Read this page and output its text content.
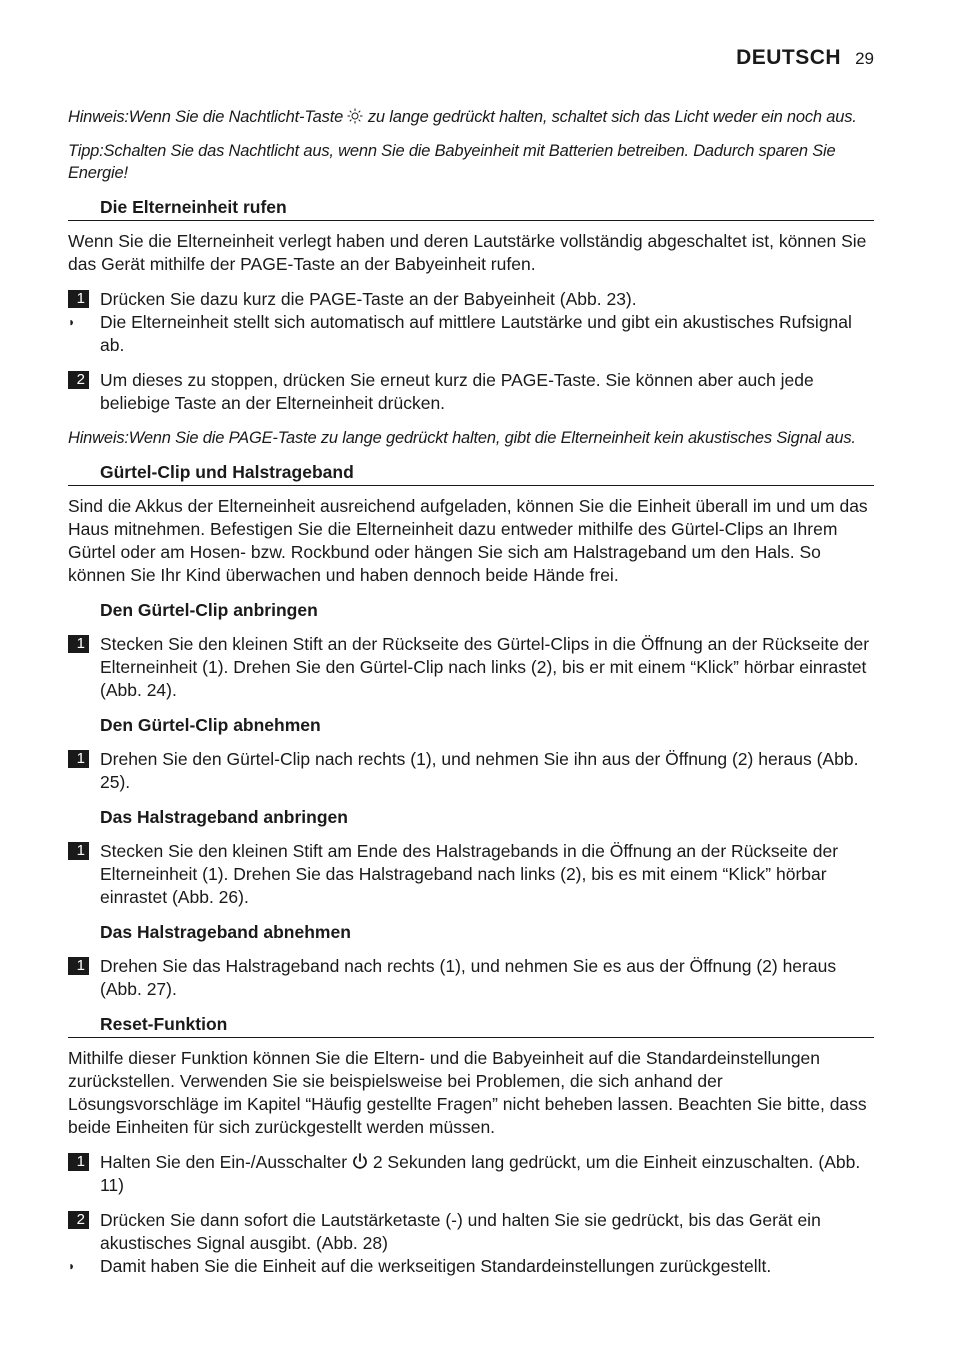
DEUTSCH 29

Hinweis:Wenn Sie die Nachtlicht-Taste  zu lange gedrückt halten, schaltet sich das Licht weder ein noch aus.

Tipp:Schalten Sie das Nachtlicht aus, wenn Sie die Babyeinheit mit Batterien betreiben. Dadurch sparen Sie Energie!

Die Elterneinheit rufen

Wenn Sie die Elterneinheit verlegt haben und deren Lautstärke vollständig abgeschaltet ist, können Sie das Gerät mithilfe der PAGE-Taste an der Babyeinheit rufen.

1 Drücken Sie dazu kurz die PAGE-Taste an der Babyeinheit (Abb. 23).
◗	Die Elterneinheit stellt sich automatisch auf mittlere Lautstärke und gibt ein akustisches Rufsignal ab.
2 Um dieses zu stoppen, drücken Sie erneut kurz die PAGE-Taste. Sie können aber auch jede beliebige Taste an der Elterneinheit drücken.

Hinweis:Wenn Sie die PAGE-Taste zu lange gedrückt halten, gibt die Elterneinheit kein akustisches Signal aus.

Gürtel-Clip und Halstrageband

Sind die Akkus der Elterneinheit ausreichend aufgeladen, können Sie die Einheit überall im und um das Haus mitnehmen. Befestigen Sie die Elterneinheit dazu entweder mithilfe des Gürtel-Clips an Ihrem Gürtel oder am Hosen- bzw. Rockbund oder hängen Sie sich am Halstrageband um den Hals. So können Sie Ihr Kind überwachen und haben dennoch beide Hände frei.

Den Gürtel-Clip anbringen
1 Stecken Sie den kleinen Stift an der Rückseite des Gürtel-Clips in die Öffnung an der Rückseite der Elterneinheit (1). Drehen Sie den Gürtel-Clip nach links (2), bis er mit einem “Klick” hörbar einrastet (Abb. 24).
Den Gürtel-Clip abnehmen
1 Drehen Sie den Gürtel-Clip nach rechts (1), und nehmen Sie ihn aus der Öffnung (2) heraus (Abb. 25).
Das Halstrageband anbringen
1 Stecken Sie den kleinen Stift am Ende des Halstragebands in die Öffnung an der Rückseite der Elterneinheit (1). Drehen Sie das Halstrageband nach links (2), bis es mit einem “Klick” hörbar einrastet (Abb. 26).
Das Halstrageband abnehmen
1 Drehen Sie das Halstrageband nach rechts (1), und nehmen Sie es aus der Öffnung (2) heraus (Abb. 27).
Reset-Funktion

Mithilfe dieser Funktion können Sie die Eltern- und die Babyeinheit auf die Standardeinstellungen zurückstellen. Verwenden Sie sie beispielsweise bei Problemen, die sich anhand der Lösungsvorschläge im Kapitel “Häufig gestellte Fragen” nicht beheben lassen. Beachten Sie bitte, dass beide Einheiten für sich zurückgestellt werden müssen.

1 Halten Sie den Ein-/Ausschalter  2 Sekunden lang gedrückt, um die Einheit einzuschalten. (Abb. 11)
2 Drücken Sie dann sofort die Lautstärketaste (-) und halten Sie sie gedrückt, bis das Gerät ein akustisches Signal ausgibt. (Abb. 28)
◗	Damit haben Sie die Einheit auf die werkseitigen Standardeinstellungen zurückgestellt.
